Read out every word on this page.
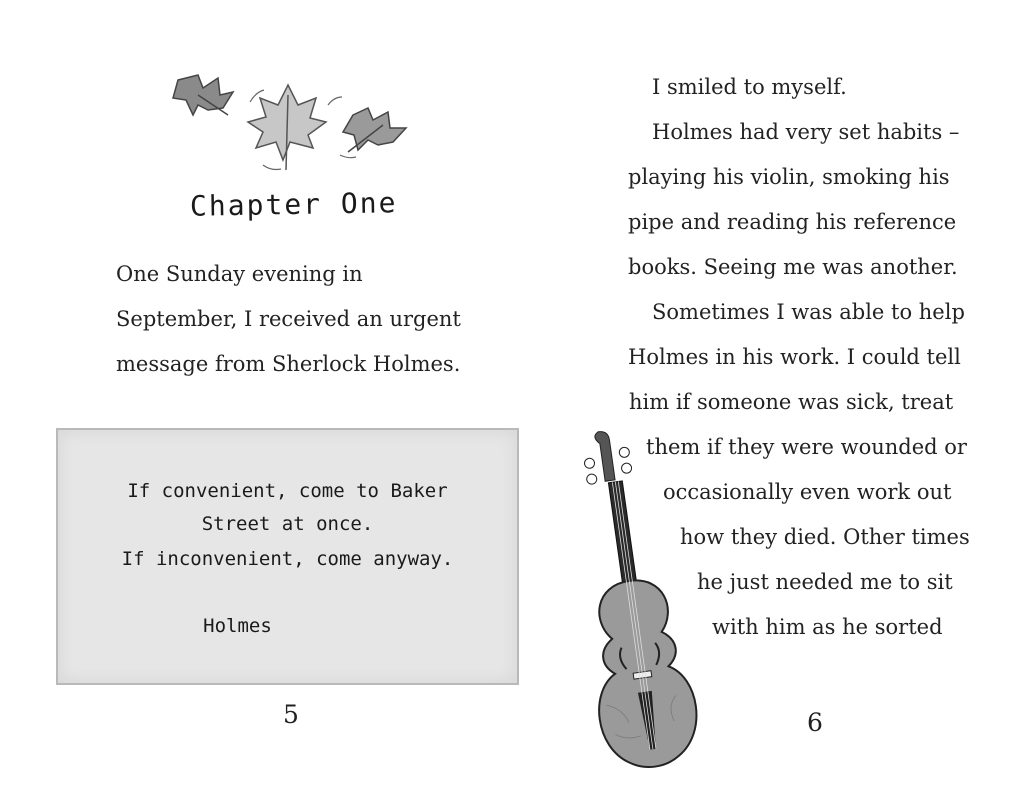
Chapter One
One Sunday evening in
September, I received an urgent
message from Sherlock Holmes.
If convenient, come to Baker
Street at once.
If inconvenient, come anyway.
Holmes
5
I smiled to myself.
Holmes had very set habits –
playing his violin, smoking his
pipe and reading his reference
books. Seeing me was another.
Sometimes I was able to help
Holmes in his work. I could tell
him if someone was sick, treat
them if they were wounded or
occasionally even work out
how they died. Other times
he just needed me to sit
with him as he sorted
6
